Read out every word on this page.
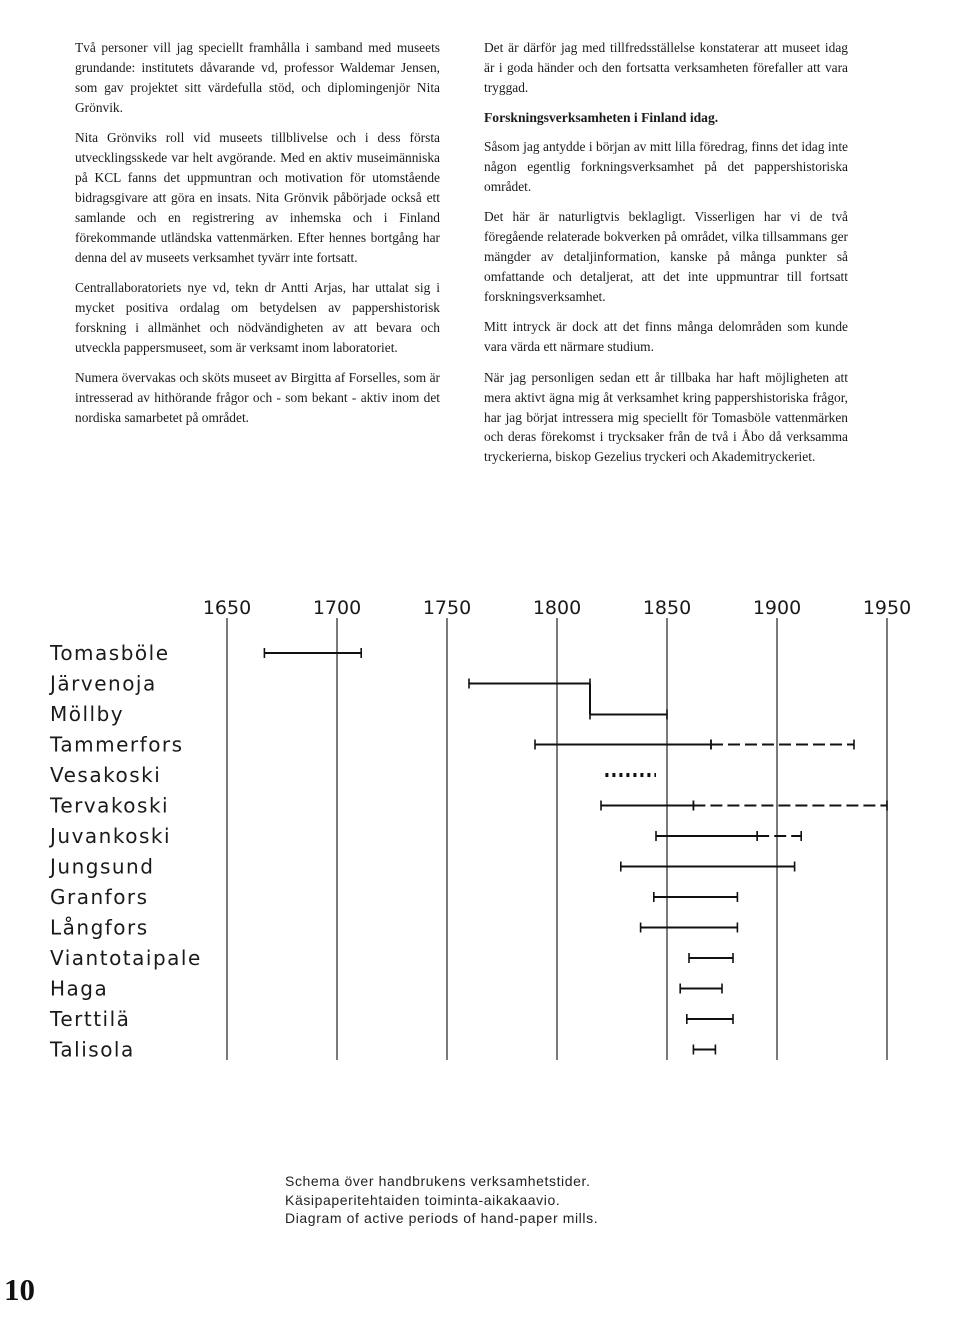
Två personer vill jag speciellt framhålla i samband med museets grundande: institutets dåvarande vd, professor Waldemar Jensen, som gav projektet sitt värdefulla stöd, och diplomingenjör Nita Grönvik.

Nita Grönviks roll vid museets tillblivelse och i dess första utvecklingsskede var helt avgörande. Med en aktiv museimänniska på KCL fanns det uppmuntran och motivation för utomstående bidragsgivare att göra en insats. Nita Grönvik påbörjade också ett samlande och en registrering av inhemska och i Finland förekommande utländska vattenmärken. Efter hennes bortgång har denna del av museets verksamhet tyvärr inte fortsatt.

Centrallaboratoriets nye vd, tekn dr Antti Arjas, har uttalat sig i mycket positiva ordalag om betydelsen av pappershistorisk forskning i allmänhet och nödvändigheten av att bevara och utveckla pappersmuseet, som är verksamt inom laboratoriet.

Numera övervakas och sköts museet av Birgitta af Forselles, som är intresserad av hithörande frågor och - som bekant - aktiv inom det nordiska samarbetet på området.

Det är därför jag med tillfredsställelse konstaterar att museet idag är i goda händer och den fortsatta verksamheten förefaller att vara tryggad.

Forskningsverksamheten i Finland idag.

Såsom jag antydde i början av mitt lilla föredrag, finns det idag inte någon egentlig forkningsverksamhet på det pappershistoriska området.

Det här är naturligtvis beklagligt. Visserligen har vi de två föregående relaterade bokverken på området, vilka tillsammans ger mängder av detaljinformation, kanske på många punkter så omfattande och detaljerat, att det inte uppmuntrar till fortsatt forskningsverksamhet.

Mitt intryck är dock att det finns många delområden som kunde vara värda ett närmare studium.

När jag personligen sedan ett år tillbaka har haft möjligheten att mera aktivt ägna mig åt verksamhet kring pappershistoriska frågor, har jag börjat intressera mig speciellt för Tomasböle vattenmärken och deras förekomst i trycksaker från de två i Åbo då verksamma tryckerierna, biskop Gezelius tryckeri och Akademitryckeriet.

1650	1700	1750	1800	1850	1900	1950
Tomasböle
Järvenoja
Möllby
Tammerfors
Vesakoski
Tervakoski
Juvankoski
Jungsund
Granfors
Långfors
Viantotaipale
Haga
Terttilä
Talisola
Schema över handbrukens verksamhetstider.
Käsipaperitehtaiden toiminta-aikakaavio.
Diagram of active periods of hand-paper mills.
10
